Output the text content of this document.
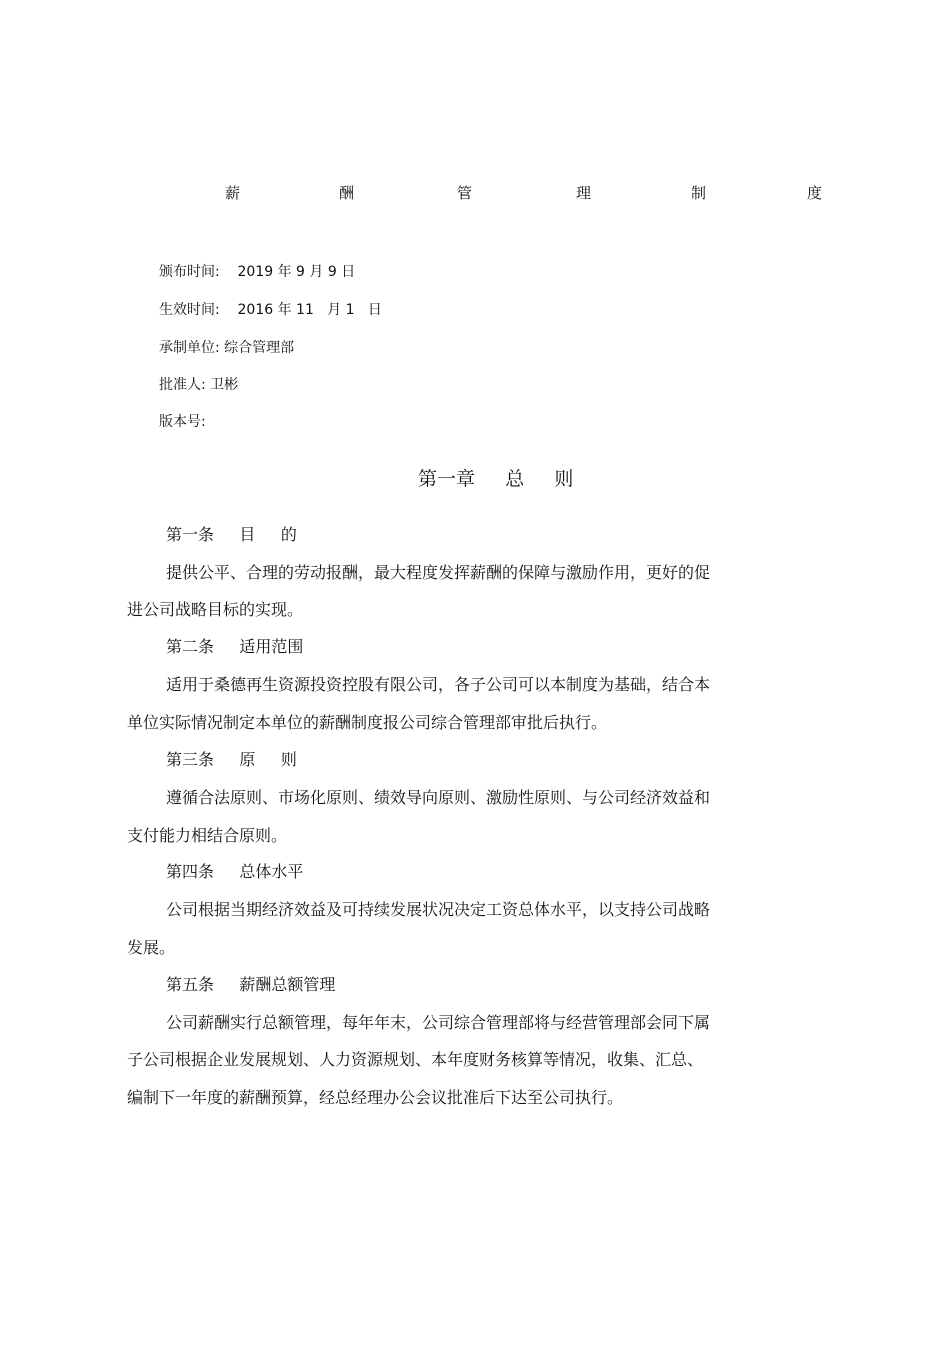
薪	酬	管	理	制	度
颁布时间:    2019 年 9 月 9 日
生效时间:    2016 年 11   月 1   日
承制单位: 综合管理部
批准人: 卫彬
版本号:
第一章     总     则
第一条     目     的
提供公平、合理的劳动报酬，最大程度发挥薪酬的保障与激励作用，更好的促
进公司战略目标的实现。
第二条     适用范围
适用于桑德再生资源投资控股有限公司，各子公司可以本制度为基础，结合本
单位实际情况制定本单位的薪酬制度报公司综合管理部审批后执行。
第三条     原     则
遵循合法原则、市场化原则、绩效导向原则、激励性原则、与公司经济效益和
支付能力相结合原则。
第四条     总体水平
公司根据当期经济效益及可持续发展状况决定工资总体水平，以支持公司战略
发展。
第五条     薪酬总额管理
公司薪酬实行总额管理，每年年末，公司综合管理部将与经营管理部会同下属
子公司根据企业发展规划、人力资源规划、本年度财务核算等情况，收集、汇总、
编制下一年度的薪酬预算，经总经理办公会议批准后下达至公司执行。
